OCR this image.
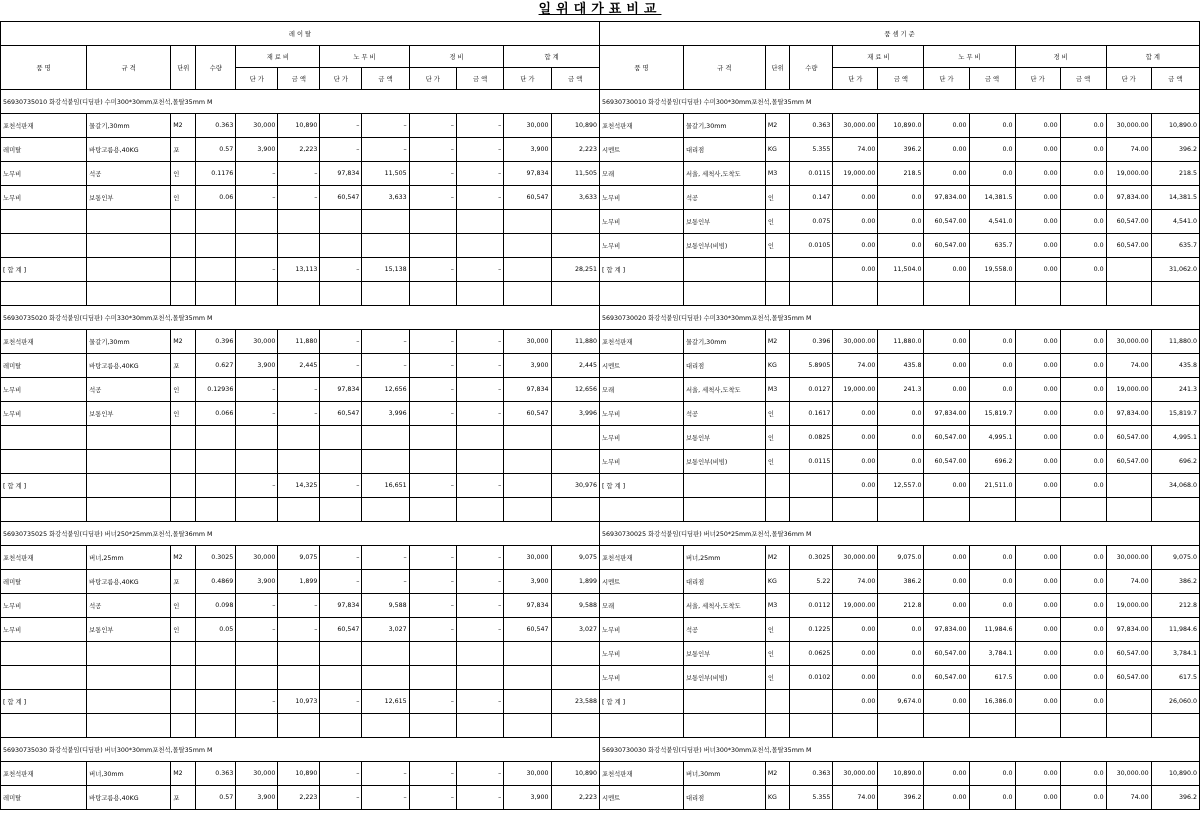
일위대가표비교
레 이 탈											
품 명	규 격	단위	수량	재 료 비		노 무 비		경 비		합 계	
				단 가	금 액	단 가	금 액	단 가	금 액	단 가	금 액
56930735010 화강석붙임(디딤판) 수미300*30mm포천석,몰탈35mm M											
포천석판재	물갈기,30mm	M2	0.363	30,000	10,890	–	–	–	–	30,000	10,890
레미탈	바탕고름용,40KG	포	0.57	3,900	2,223	–	–	–	–	3,900	2,223
노무비	석공	인	0.1176	–	–	97,834	11,505	–	–	97,834	11,505
노무비	보통인부	인	0.06	–	–	60,547	3,633	–	–	60,547	3,633

[ 합 계 ]				–	13,113	–	15,138	–	–		28,251

56930735020 화강석붙임(디딤판) 수미330*30mm포천석,몰탈35mm M											
포천석판재	물갈기,30mm	M2	0.396	30,000	11,880	–	–	–	–	30,000	11,880
레미탈	바탕고름용,40KG	포	0.627	3,900	2,445	–	–	–	–	3,900	2,445
노무비	석공	인	0.12936	–	–	97,834	12,656	–	–	97,834	12,656
노무비	보통인부	인	0.066	–	–	60,547	3,996	–	–	60,547	3,996

[ 합 계 ]				–	14,325	–	16,651	–	–		30,976

56930735025 화강석붙임(디딤판) 버너250*25mm포천석,몰탈36mm M											
포천석판재	버너,25mm	M2	0.3025	30,000	9,075	–	–	–	–	30,000	9,075
레미탈	바탕고름용,40KG	포	0.4869	3,900	1,899	–	–	–	–	3,900	1,899
노무비	석공	인	0.098	–	–	97,834	9,588	–	–	97,834	9,588
노무비	보통인부	인	0.05	–	–	60,547	3,027	–	–	60,547	3,027

[ 합 계 ]				–	10,973	–	12,615	–	–		23,588

56930735030 화강석붙임(디딤판) 버너300*30mm포천석,몰탈35mm M											
포천석판재	버너,30mm	M2	0.363	30,000	10,890	–	–	–	–	30,000	10,890
레미탈	바탕고름용,40KG	포	0.57	3,900	2,223	–	–	–	–	3,900	2,223
품 셈 기 준											
품 명	규 격	단위	수량	재 료 비		노 무 비		경 비		합 계	
				단 가	금 액	단 가	금 액	단 가	금 액	단 가	금 액
56930730010 화강석붙임(디딤판) 수미300*30mm포천석,몰탈35mm M											
포천석판재	물갈기,30mm	M2	0.363	30,000.00	10,890.0	0.00	0.0	0.00	0.0	30,000.00	10,890.0
시멘트	대리점	KG	5.355	74.00	396.2	0.00	0.0	0.00	0.0	74.00	396.2
모래	서울, 세척사,도착도	M3	0.0115	19,000.00	218.5	0.00	0.0	0.00	0.0	19,000.00	218.5
노무비	석공	인	0.147	0.00	0.0	97,834.00	14,381.5	0.00	0.0	97,834.00	14,381.5
노무비	보통인부	인	0.075	0.00	0.0	60,547.00	4,541.0	0.00	0.0	60,547.00	4,541.0
노무비	보통인부(비빔)	인	0.0105	0.00	0.0	60,547.00	635.7	0.00	0.0	60,547.00	635.7
[ 합 계 ]				0.00	11,504.0	0.00	19,558.0	0.00	0.0		31,062.0

56930730020 화강석붙임(디딤판) 수미330*30mm포천석,몰탈35mm M											
포천석판재	물갈기,30mm	M2	0.396	30,000.00	11,880.0	0.00	0.0	0.00	0.0	30,000.00	11,880.0
시멘트	대리점	KG	5.8905	74.00	435.8	0.00	0.0	0.00	0.0	74.00	435.8
모래	서울, 세척사,도착도	M3	0.0127	19,000.00	241.3	0.00	0.0	0.00	0.0	19,000.00	241.3
노무비	석공	인	0.1617	0.00	0.0	97,834.00	15,819.7	0.00	0.0	97,834.00	15,819.7
노무비	보통인부	인	0.0825	0.00	0.0	60,547.00	4,995.1	0.00	0.0	60,547.00	4,995.1
노무비	보통인부(비빔)	인	0.0115	0.00	0.0	60,547.00	696.2	0.00	0.0	60,547.00	696.2
[ 합 계 ]				0.00	12,557.0	0.00	21,511.0	0.00	0.0		34,068.0

56930730025 화강석붙임(디딤판) 버너250*25mm포천석,몰탈36mm M											
포천석판재	버너,25mm	M2	0.3025	30,000.00	9,075.0	0.00	0.0	0.00	0.0	30,000.00	9,075.0
시멘트	대리점	KG	5.22	74.00	386.2	0.00	0.0	0.00	0.0	74.00	386.2
모래	서울, 세척사,도착도	M3	0.0112	19,000.00	212.8	0.00	0.0	0.00	0.0	19,000.00	212.8
노무비	석공	인	0.1225	0.00	0.0	97,834.00	11,984.6	0.00	0.0	97,834.00	11,984.6
노무비	보통인부	인	0.0625	0.00	0.0	60,547.00	3,784.1	0.00	0.0	60,547.00	3,784.1
노무비	보통인부(비빔)	인	0.0102	0.00	0.0	60,547.00	617.5	0.00	0.0	60,547.00	617.5
[ 합 계 ]				0.00	9,674.0	0.00	16,386.0	0.00	0.0		26,060.0

56930730030 화강석붙임(디딤판) 버너300*30mm포천석,몰탈35mm M											
포천석판재	버너,30mm	M2	0.363	30,000.00	10,890.0	0.00	0.0	0.00	0.0	30,000.00	10,890.0
시멘트	대리점	KG	5.355	74.00	396.2	0.00	0.0	0.00	0.0	74.00	396.2
